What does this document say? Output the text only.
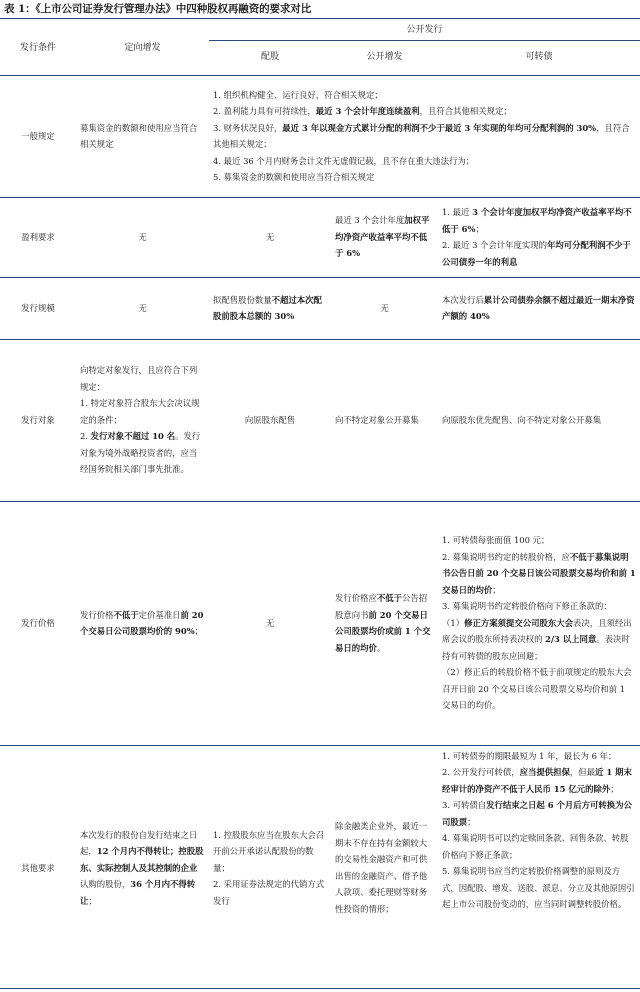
表 1：《上市公司证券发行管理办法》中四种股权再融资的要求对比
发行条件	定向增发	公开发行		
		配股	公开增发	可转债
一般规定	募集资金的数额和使用应当符合相关规定	1. 组织机构健全、运行良好，符合相关规定；
2. 盈利能力具有可持续性，最近 3 个会计年度连续盈利，且符合其他相关规定；
3. 财务状况良好，最近 3 年以现金方式累计分配的利润不少于最近 3 年实现的年均可分配利润的 30%，且符合其他相关规定；
4. 最近 36 个月内财务会计文件无虚假记载，且不存在重大违法行为；
5. 募集资金的数额和使用应当符合相关规定		

盈利要求	无	无	最近 3 个会计年度加权平均净资产收益率平均不低于 6%	1. 最近 3 个会计年度加权平均净资产收益率平均不低于 6%；
2. 最近 3 个会计年度实现的年均可分配利润不少于公司债券一年的利息

发行规模	无	拟配售股份数量不超过本次配股前股本总额的 30%	无	本次发行后累计公司债券余额不超过最近一期末净资产额的 40%
发行对象	向特定对象发行，且应符合下列规定：
1. 特定对象符合股东大会决议规定的条件；
2. 发行对象不超过 10 名。发行对象为境外战略投资者的，应当经国务院相关部门事先批准。	向原股东配售	向不特定对象公开募集	向原股东优先配售、向不特定对象公开募集
发行价格	发行价格不低于定价基准日前 20 个交易日公司股票均价的 90%；	无	发行价格应不低于公告招股意向书前 20 个交易日公司股票均价或前 1 个交易日的均价。	1. 可转债每张面值 100 元；
2. 募集说明书约定的转股价格，应不低于募集说明书公告日前 20 个交易日该公司股票交易均价和前 1 交易日的均价；
3. 募集说明书约定转股价格向下修正条款的：
（1）修正方案须提交公司股东大会表决，且须经出席会议的股东所持表决权的 2/3 以上同意。表决时持有可转债的股东应回避；
（2）修正后的转股价格不低于前项规定的股东大会召开日前 20 个交易日该公司股票交易均价和前 1 交易日的均价。

其他要求	本次发行的股份自发行结束之日起，12 个月内不得转让；控股股东、实际控制人及其控制的企业认购的股份，36 个月内不得转让；	1. 控股股东应当在股东大会召开前公开承诺认配股份的数量；
2. 采用证券法规定的代销方式发行	除金融类企业外，最近一期末不存在持有金额较大的交易性金融资产和可供出售的金融资产、借予他人款项、委托理财等财务性投资的情形；	1. 可转债券的期限最短为 1 年，最长为 6 年；
2. 公开发行可转债，应当提供担保，但最近 1 期末经审计的净资产不低于人民币 15 亿元的除外；
3. 可转债自发行结束之日起 6 个月后方可转换为公司股票；
4. 募集说明书可以约定赎回条款、回售条款、转股价格向下修正条款；
5. 募集说明书应当约定转股价格调整的原则及方式，因配股、增发、送股、派息、分立及其他原因引起上市公司股份变动的，应当同时调整转股价格。
